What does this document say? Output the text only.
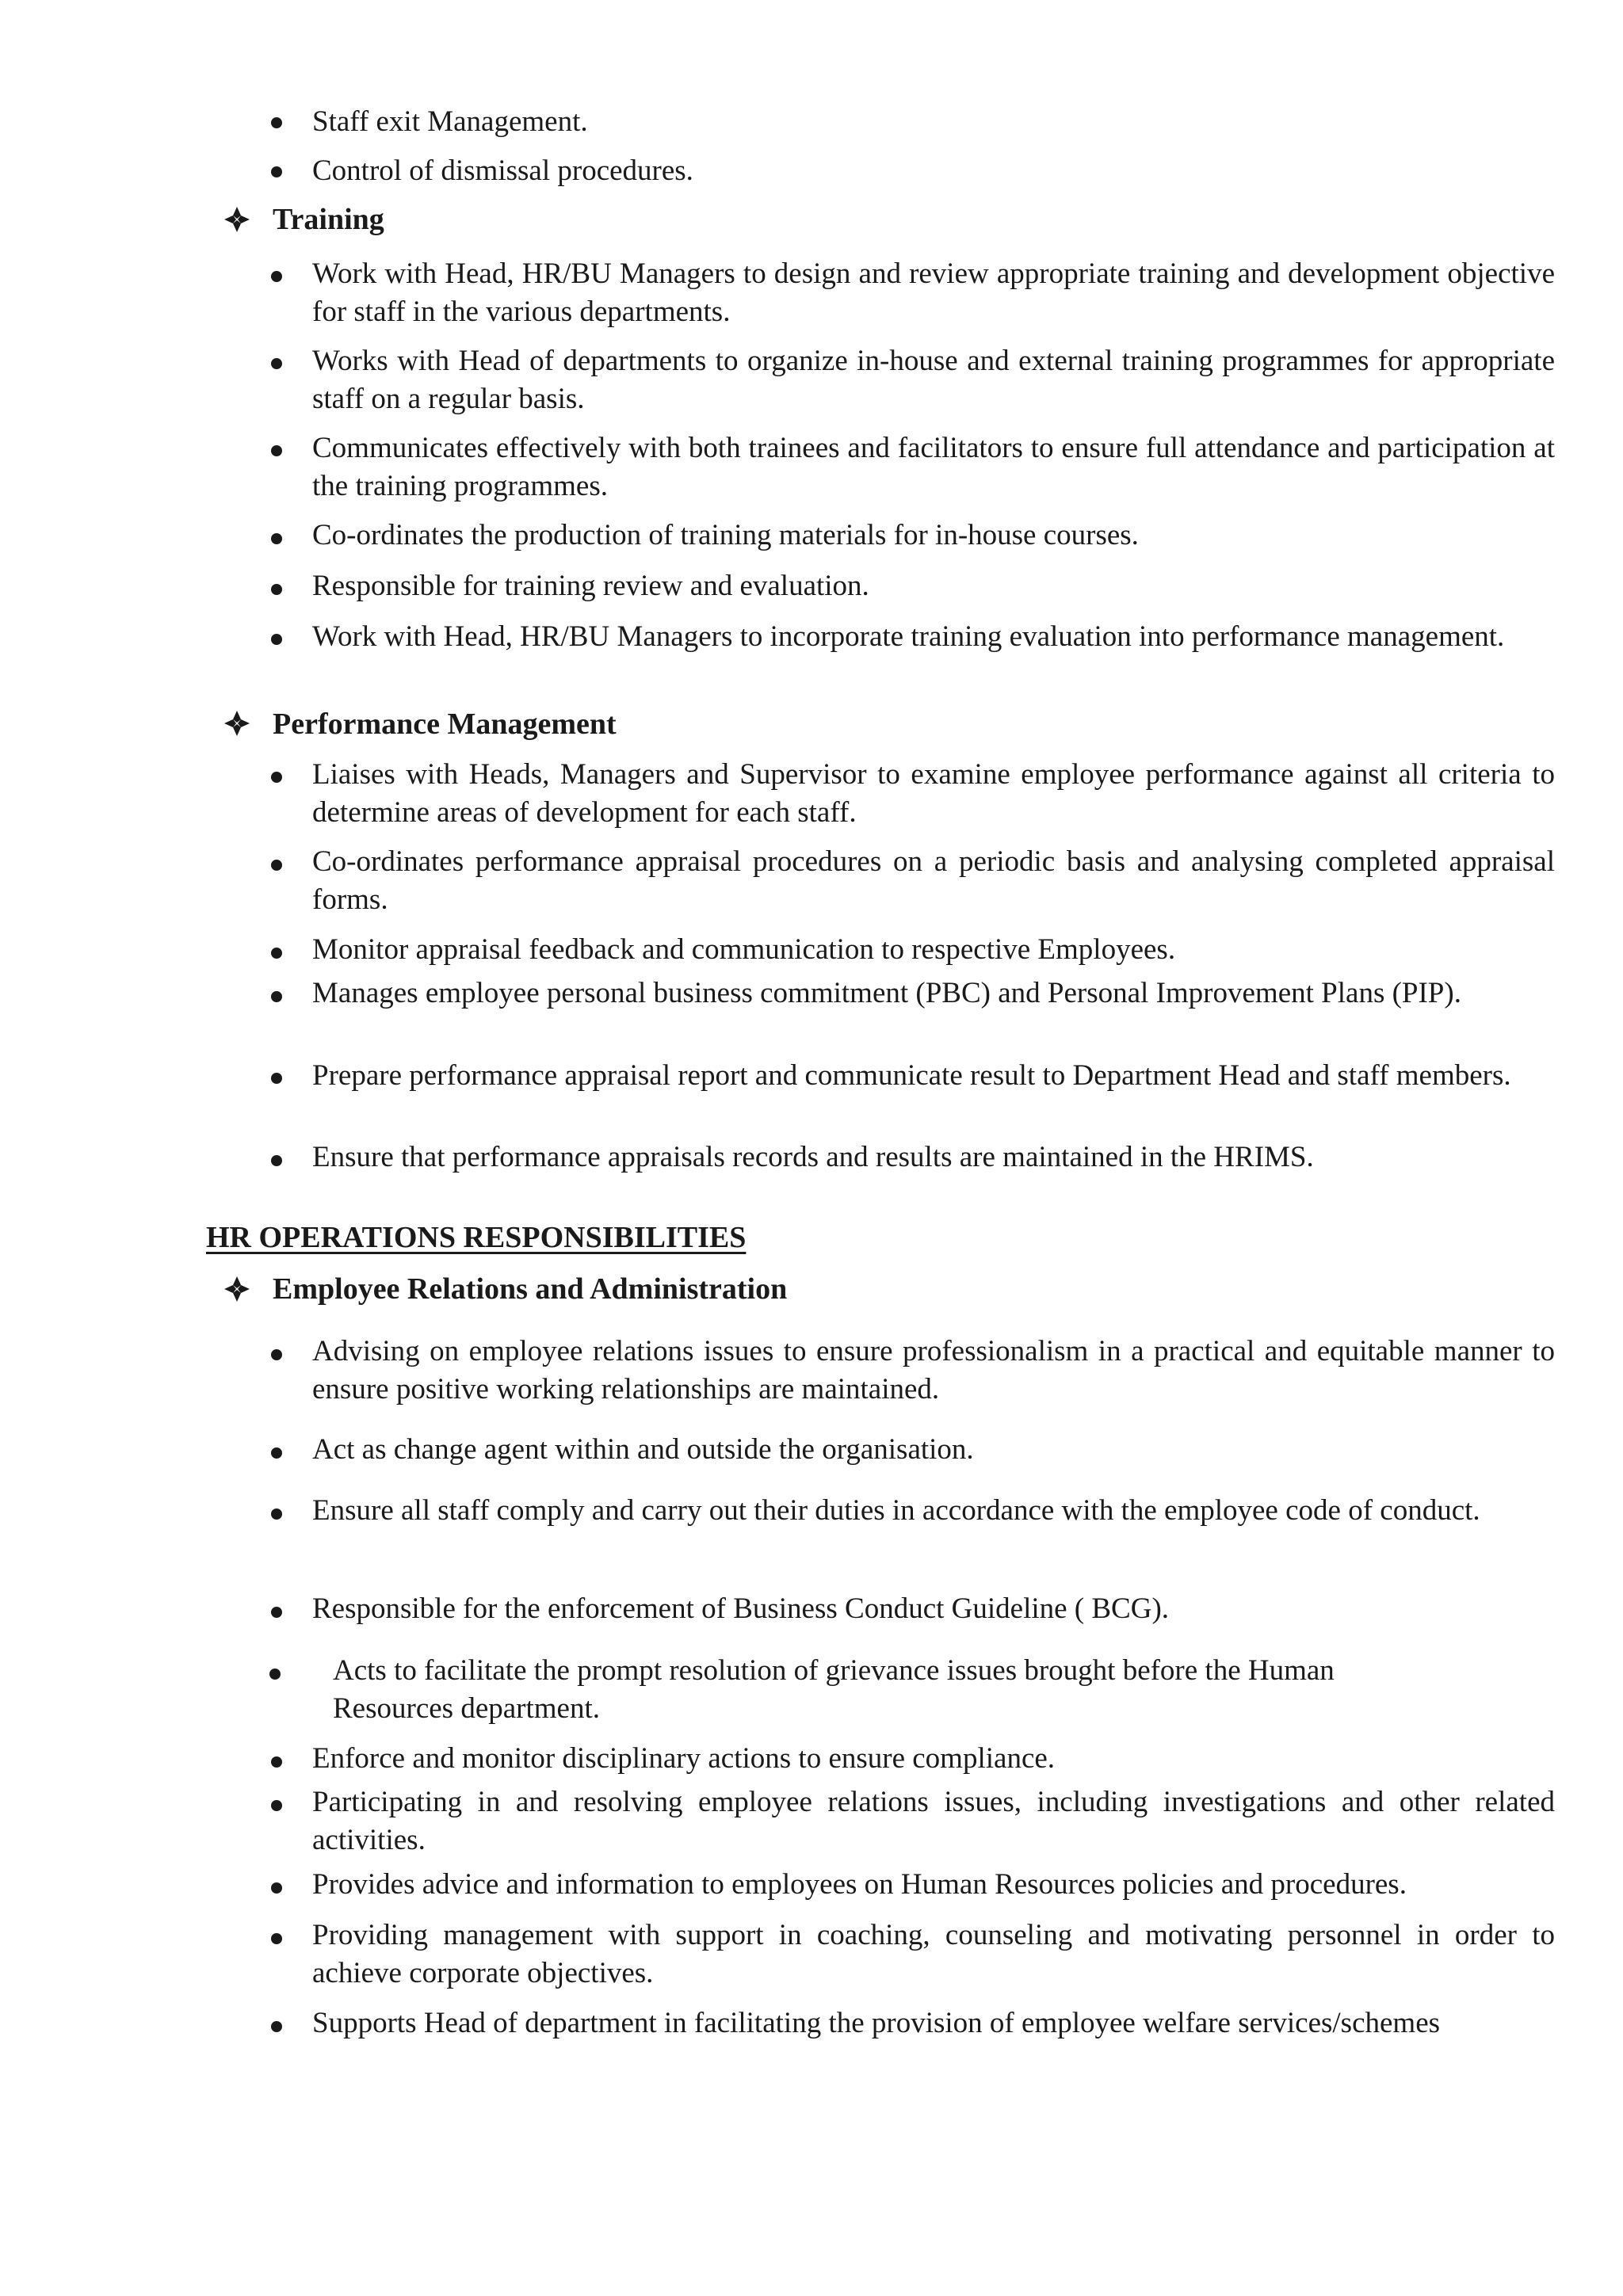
Staff exit Management.
Control of dismissal procedures.
Training
Work with Head, HR/BU Managers to design and review appropriate training and development objective for staff in the various departments.
Works with Head of departments to organize in-house and external training programmes for appropriate staff on a regular basis.
Communicates effectively with both trainees and facilitators to ensure full attendance and participation at the training programmes.
Co-ordinates the production of training materials for in-house courses.
Responsible for training review and evaluation.
Work with Head, HR/BU Managers to incorporate training evaluation into performance management.
Performance Management
Liaises with Heads, Managers and Supervisor to examine employee performance against all criteria to determine areas of development for each staff.
Co-ordinates performance appraisal procedures on a periodic basis and analysing completed appraisal forms.
Monitor appraisal feedback and communication to respective Employees.
Manages employee personal business commitment (PBC) and Personal Improvement Plans (PIP).
Prepare performance appraisal report and communicate result to Department Head and staff members.
Ensure that performance appraisals records and results are maintained in the HRIMS.
HR OPERATIONS RESPONSIBILITIES
Employee Relations and Administration
Advising on employee relations issues to ensure professionalism in a practical and equitable manner to ensure positive working relationships are maintained.
Act as change agent within and outside the organisation.
Ensure all staff comply and carry out their duties in accordance with the employee code of conduct.
Responsible for the enforcement of Business Conduct Guideline ( BCG).
Acts to facilitate the prompt resolution of grievance issues brought before the Human Resources department.
Enforce and monitor disciplinary actions to ensure compliance.
Participating in and resolving employee relations issues, including investigations and other related activities.
Provides advice and information to employees on Human Resources policies and procedures.
Providing management with support in coaching, counseling and motivating personnel in order to achieve corporate objectives.
Supports Head of department in facilitating the provision of employee welfare services/schemes
